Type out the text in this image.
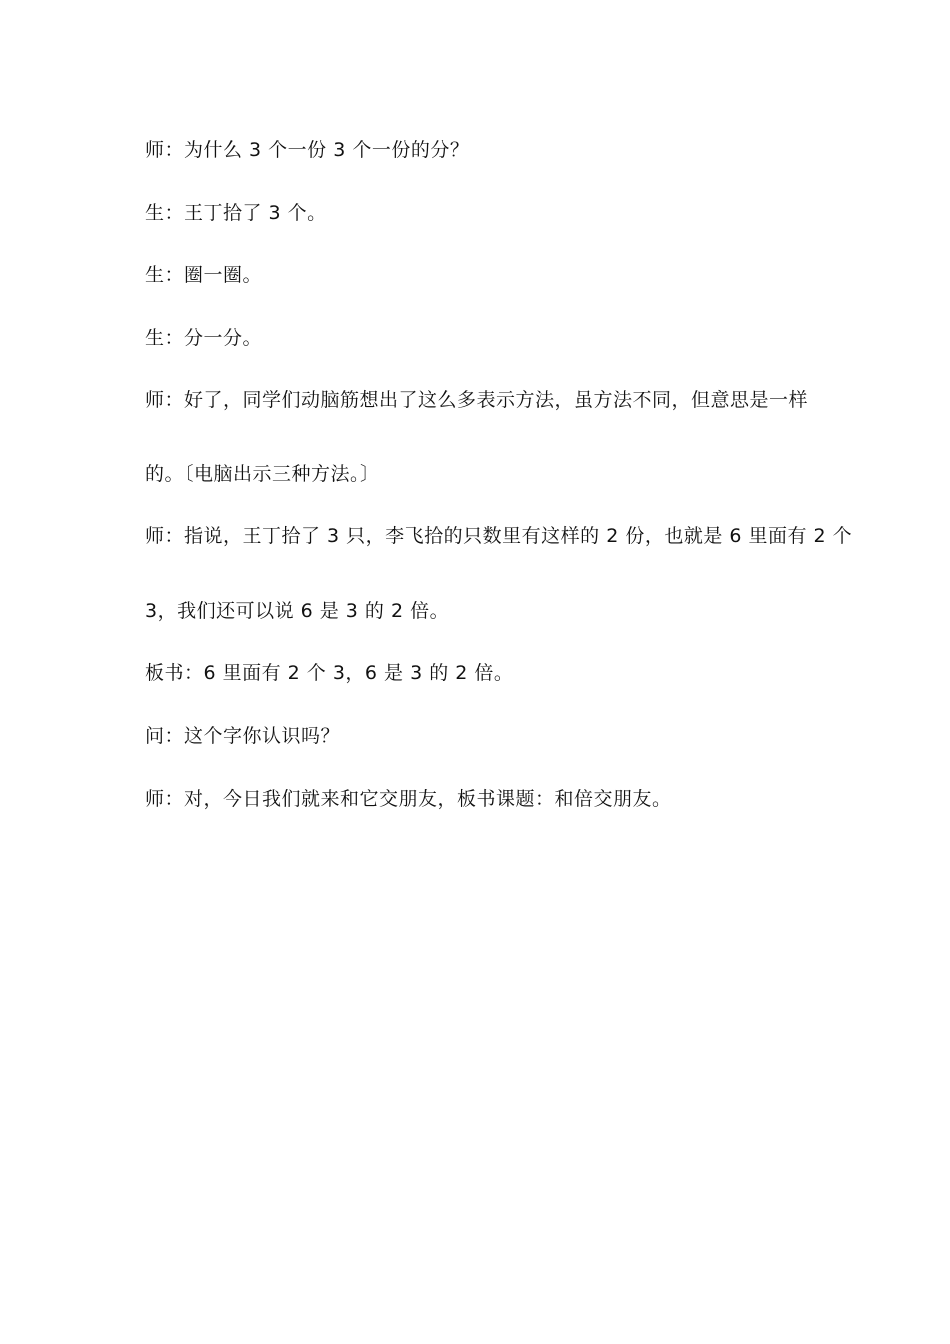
师：为什么 3 个一份 3 个一份的分？
生：王丁拾了 3 个。
生：圈一圈。
生：分一分。
师：好了，同学们动脑筋想出了这么多表示方法，虽方法不同，但意思是一样
的。〔电脑出示三种方法。〕
师：指说，王丁拾了 3 只，李飞拾的只数里有这样的 2 份，也就是 6 里面有 2 个
3，我们还可以说 6 是 3 的 2 倍。
板书：6 里面有 2 个 3，6 是 3 的 2 倍。
问：这个字你认识吗？
师：对，今日我们就来和它交朋友，板书课题：和倍交朋友。
